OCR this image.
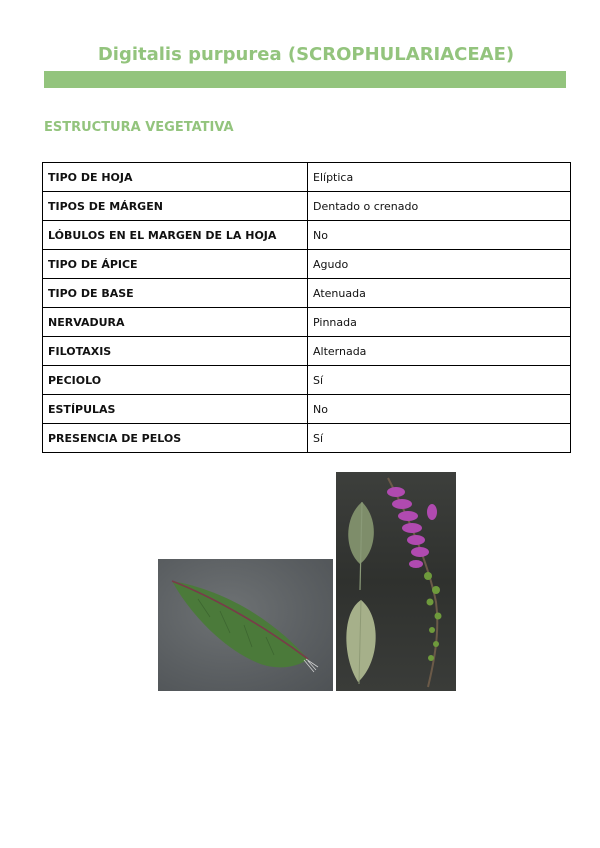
Digitalis purpurea (SCROPHULARIACEAE)
ESTRUCTURA VEGETATIVA
TIPO DE HOJA	Elíptica
TIPOS DE MÁRGEN	Dentado o crenado
LÓBULOS EN EL MARGEN DE LA HOJA	No
TIPO DE ÁPICE	Agudo
TIPO DE BASE	Atenuada
NERVADURA	Pinnada
FILOTAXIS	Alternada
PECIOLO	Sí
ESTÍPULAS	No
PRESENCIA DE PELOS	Sí
